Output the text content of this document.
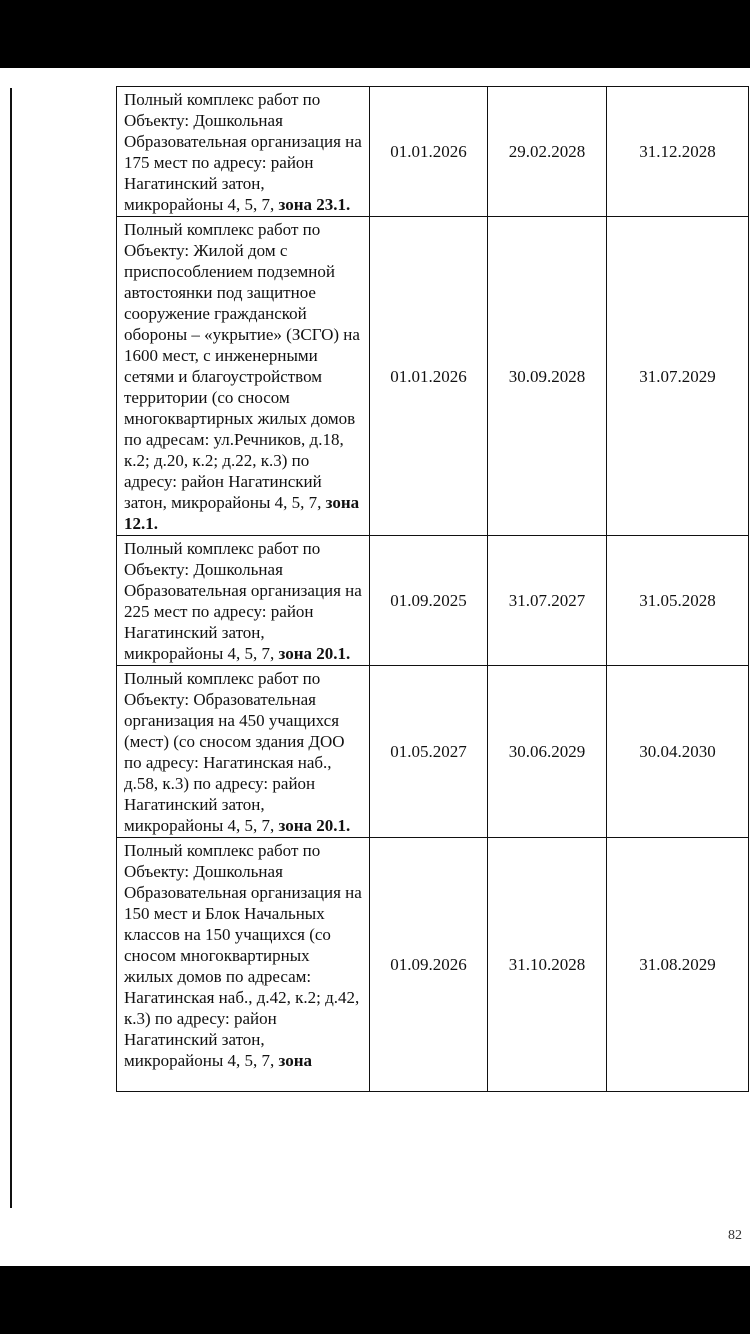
Полный комплекс работ по Объекту: Дошкольная Образовательная организация на 175 мест по адресу: район Нагатинский затон, микрорайоны 4, 5, 7, зона 23.1.	01.01.2026	29.02.2028	31.12.2028
Полный комплекс работ по Объекту: Жилой дом с приспособлением подземной автостоянки под защитное сооружение гражданской обороны – «укрытие» (ЗСГО) на 1600 мест, с инженерными сетями и благоустройством территории (со сносом многоквартирных жилых домов по адресам: ул.Речников, д.18, к.2; д.20, к.2; д.22, к.3) по адресу: район Нагатинский затон, микрорайоны 4, 5, 7, зона 12.1.	01.01.2026	30.09.2028	31.07.2029
Полный комплекс работ по Объекту: Дошкольная Образовательная организация на 225 мест по адресу: район Нагатинский затон, микрорайоны 4, 5, 7, зона 20.1.	01.09.2025	31.07.2027	31.05.2028
Полный комплекс работ по Объекту: Образовательная организация на 450 учащихся (мест) (со сносом здания ДОО по адресу: Нагатинская наб., д.58, к.3) по адресу: район Нагатинский затон, микрорайоны 4, 5, 7, зона 20.1.	01.05.2027	30.06.2029	30.04.2030

Полный комплекс работ по Объекту: Дошкольная Образовательная организация на 150 мест и Блок Начальных классов на 150 учащихся (со сносом многоквартирных жилых домов по адресам: Нагатинская наб., д.42, к.2; д.42, к.3) по адресу: район Нагатинский затон, микрорайоны 4, 5, 7, зона	01.09.2026	31.10.2028	31.08.2029
82
